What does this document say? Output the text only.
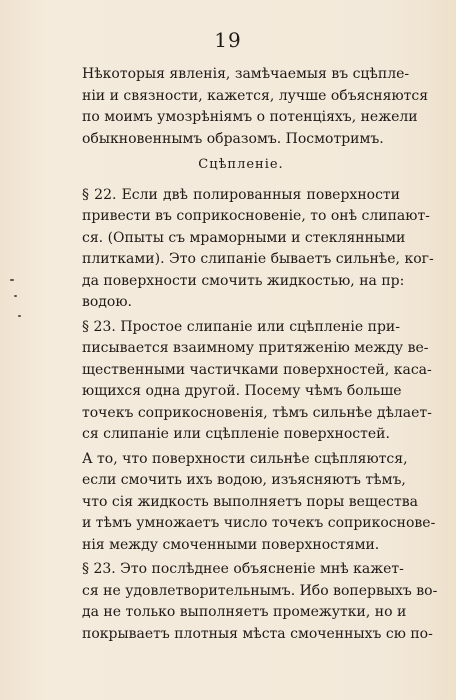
19
Нѣкоторыя явленія, замѣчаемыя въ сцѣпле-
ніи и связности, кажется, лучше объясняются
по моимъ умозрѣніямъ о потенціяхъ, нежели
обыкновеннымъ образомъ. Посмотримъ.
Сцѣпленіе.
§ 22. Если двѣ полированныя поверхности
привести въ соприкосновеніе, то онѣ слипают-
ся. (Опыты съ мраморными и стеклянными
плитками). Это слипаніе бываетъ сильнѣе, ког-
да поверхности смочить жидкостью, на пр:
водою.
§ 23. Простое слипаніе или сцѣпленіе при-
писывается взаимному притяженію между ве-
щественными частичками поверхностей, каса-
ющихся одна другой. Посему чѣмъ больше
точекъ соприкосновенія, тѣмъ сильнѣе дѣлает-
ся слипаніе или сцѣпленіе поверхностей.
А то, что поверхности сильнѣе сцѣпляются,
если смочить ихъ водою, изъясняютъ тѣмъ,
что сія жидкость выполняетъ поры вещества
и тѣмъ умножаетъ число точекъ соприкоснове-
нія между смоченными поверхностями.
§ 23. Это послѣднее объясненіе мнѣ кажет-
ся не удовлетворительнымъ. Ибо вопервыхъ во-
да не только выполняетъ промежутки, но и
покрываетъ плотныя мѣста смоченныхъ сю по-
